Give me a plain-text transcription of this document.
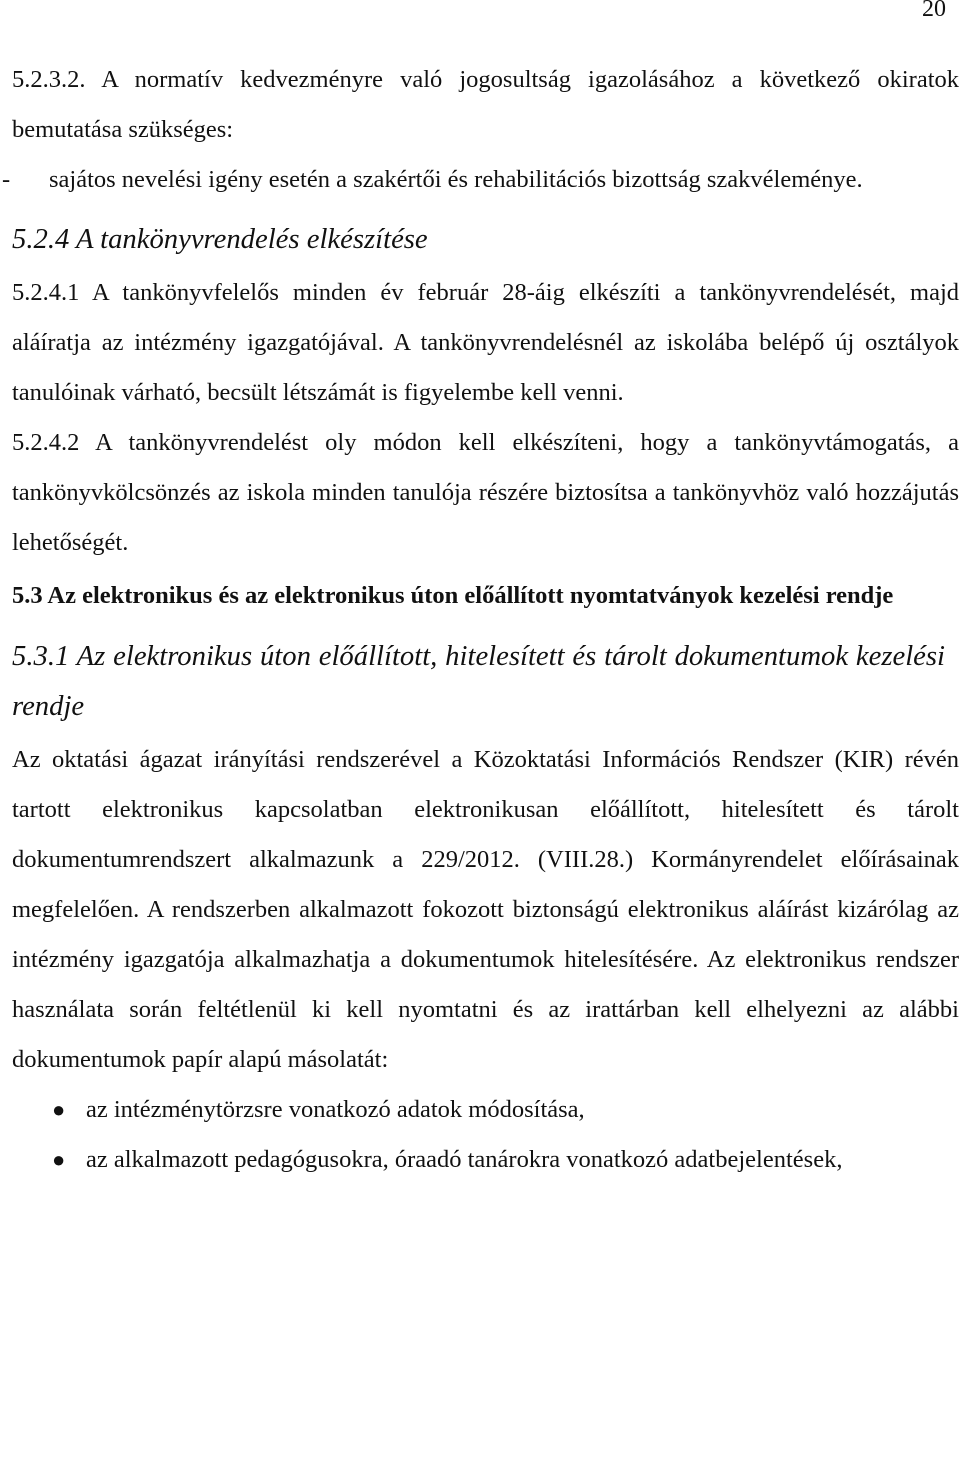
20

5.2.3.2. A normatív kedvezményre való jogosultság igazolásához a következő okiratok bemutatása szükséges:

- sajátos nevelési igény esetén a szakértői és rehabilitációs bizottság szakvéleménye.
5.2.4 A tankönyvrendelés elkészítése

5.2.4.1 A tankönyvfelelős minden év február 28-áig elkészíti a tankönyvrendelését, majd aláíratja az intézmény igazgatójával. A tankönyvrendelésnél az iskolába belépő új osztályok tanulóinak várható, becsült létszámát is figyelembe kell venni.

5.2.4.2 A tankönyvrendelést oly módon kell elkészíteni, hogy a tankönyvtámogatás, a tankönyvkölcsönzés az iskola minden tanulója részére biztosítsa a tankönyvhöz való hozzájutás lehetőségét.

5.3 Az elektronikus és az elektronikus úton előállított nyomtatványok kezelési rendje
5.3.1 Az elektronikus úton előállított, hitelesített és tárolt dokumentumok kezelési rendje

Az oktatási ágazat irányítási rendszerével a Közoktatási Információs Rendszer (KIR) révén tartott elektronikus kapcsolatban elektronikusan előállított, hitelesített és tárolt dokumentumrendszert alkalmazunk a 229/2012. (VIII.28.) Kormányrendelet előírásainak megfelelően. A rendszerben alkalmazott fokozott biztonságú elektronikus aláírást kizárólag az intézmény igazgatója alkalmazhatja a dokumentumok hitelesítésére. Az elektronikus rendszer használata során feltétlenül ki kell nyomtatni és az irattárban kell elhelyezni az alábbi dokumentumok papír alapú másolatát:

● az intézménytörzsre vonatkozó adatok módosítása,
● az alkalmazott pedagógusokra, óraadó tanárokra vonatkozó adatbejelentések,
